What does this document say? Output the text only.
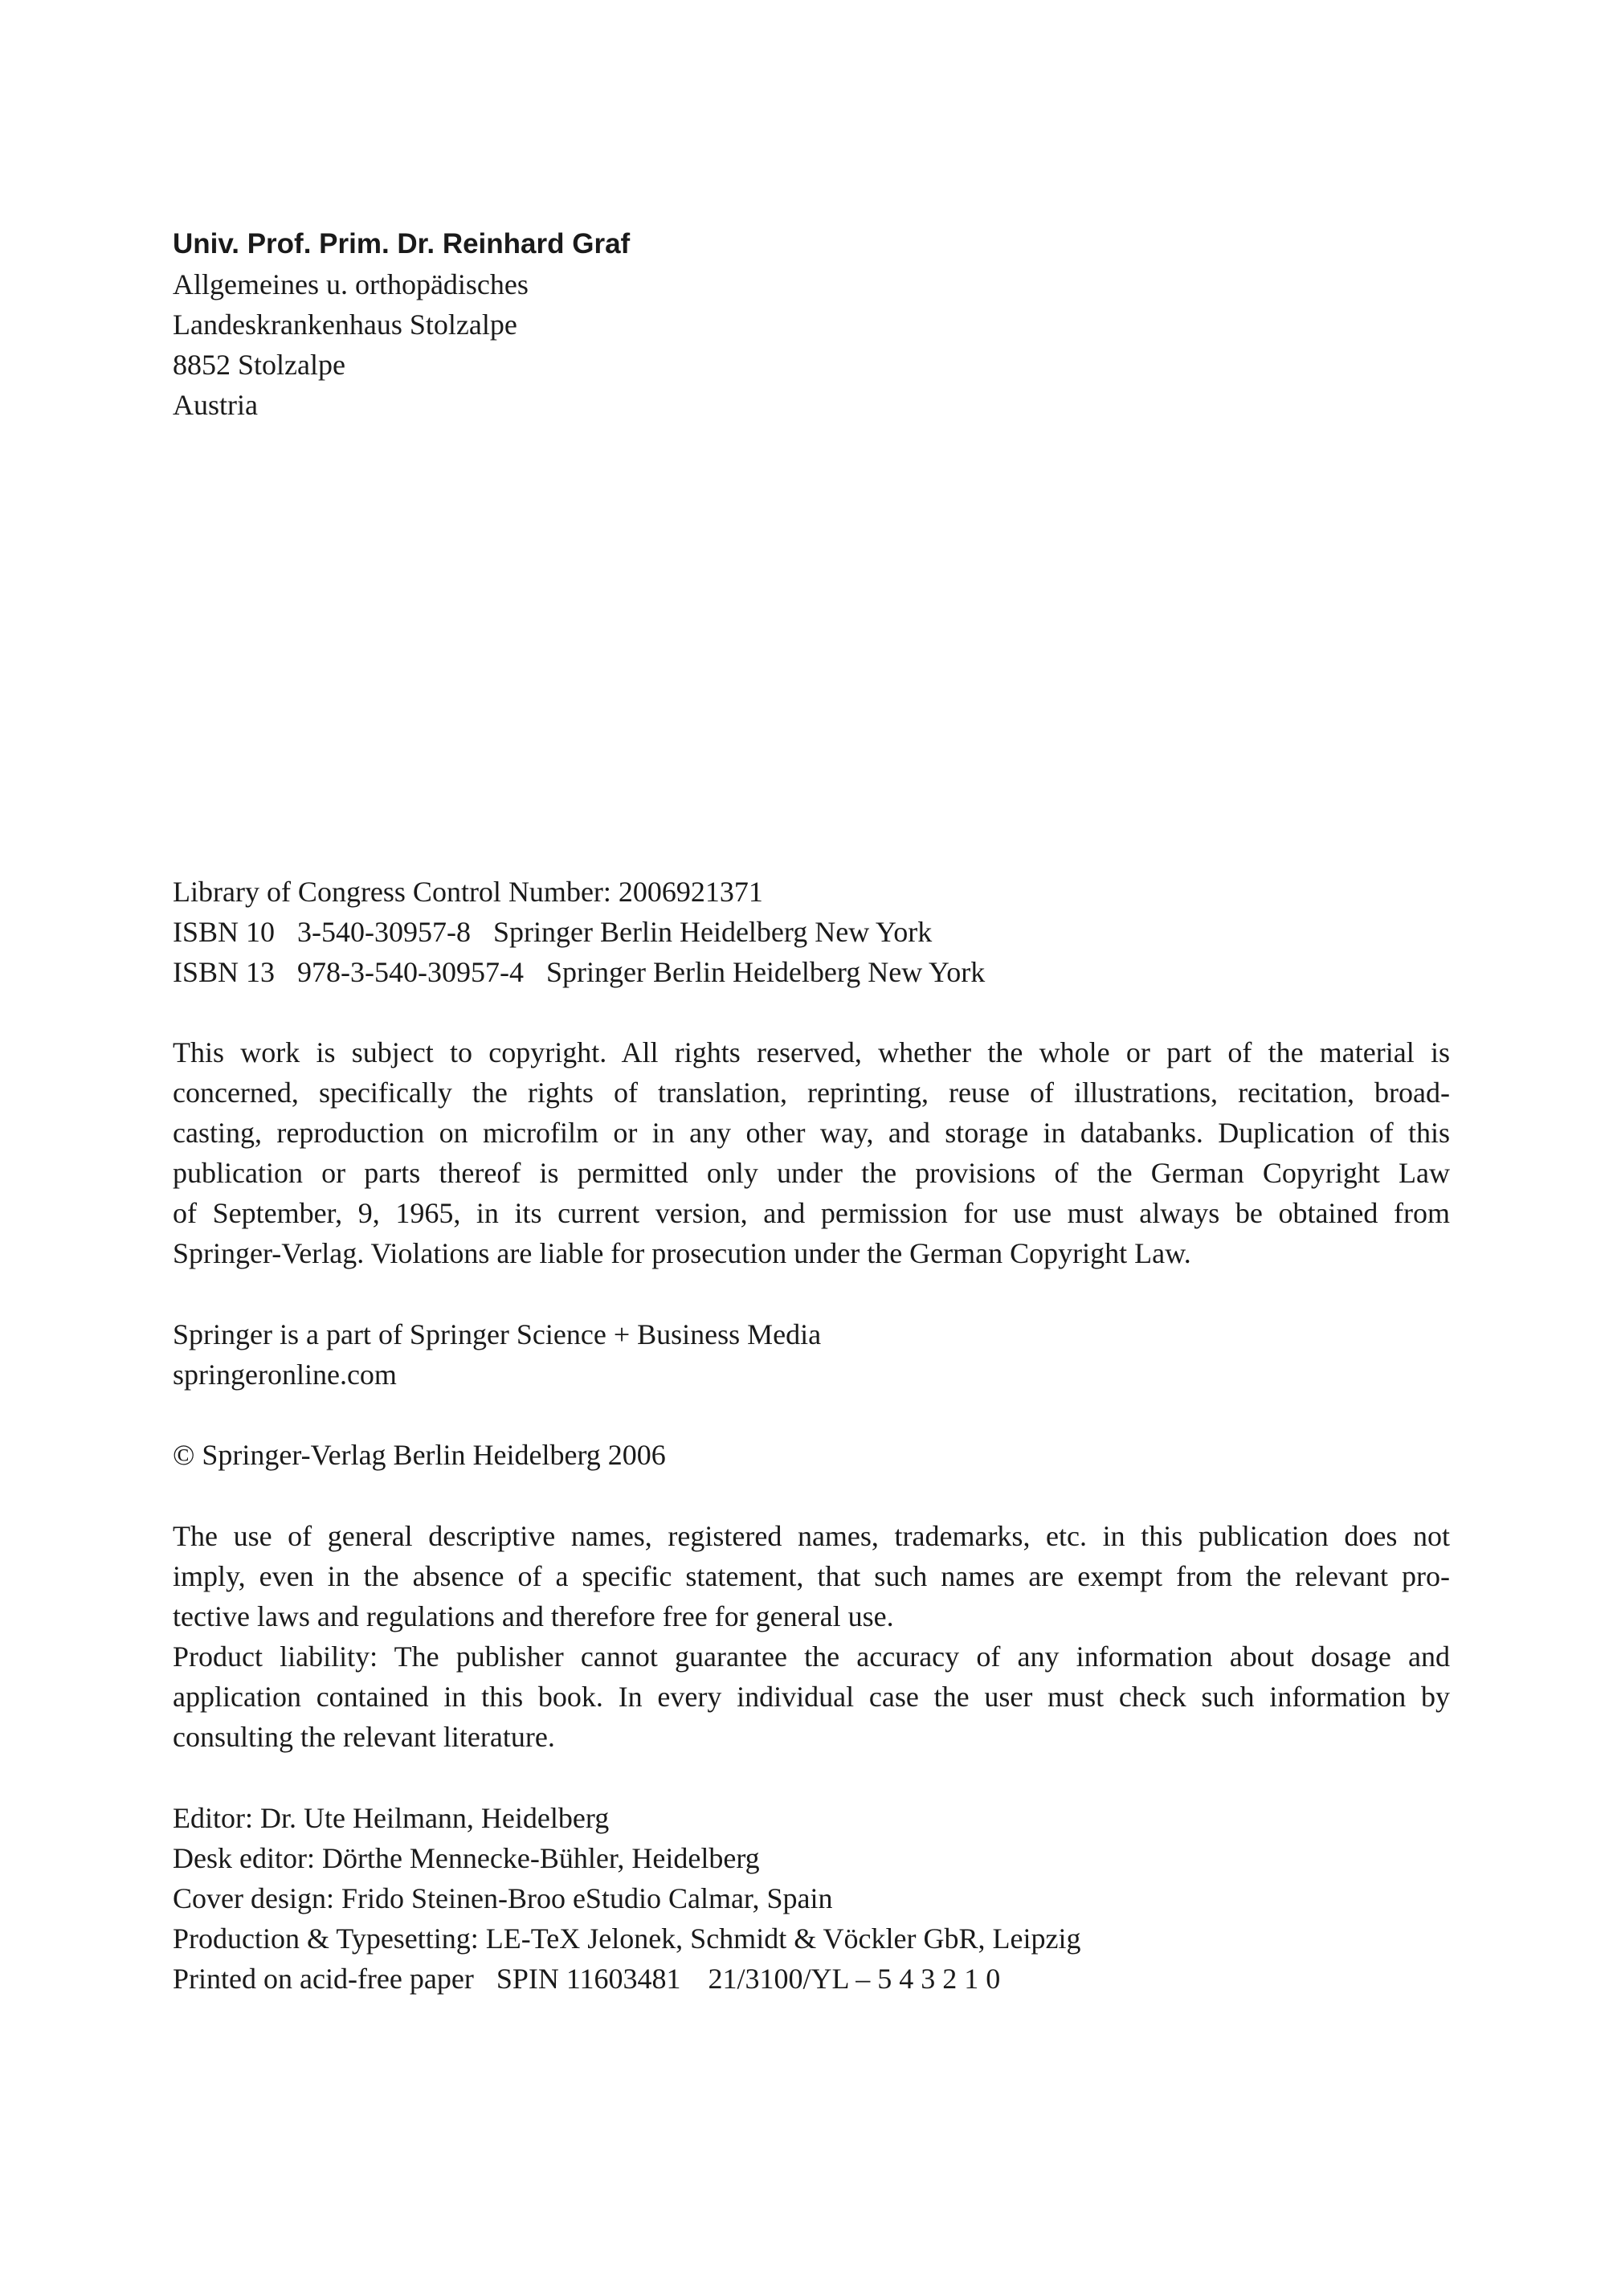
Univ. Prof. Prim. Dr. Reinhard Graf
Allgemeines u. orthopädisches
Landeskrankenhaus Stolzalpe
8852 Stolzalpe
Austria
Library of Congress Control Number: 2006921371
ISBN 10 3-540-30957-8 Springer Berlin Heidelberg New York
ISBN 13 978-3-540-30957-4 Springer Berlin Heidelberg New York
This work is subject to copyright. All rights reserved, whether the whole or part of the material is
concerned, specifically the rights of translation, reprinting, reuse of illustrations, recitation, broad-
casting, reproduction on microfilm or in any other way, and storage in databanks. Duplication of this
publication or parts thereof is permitted only under the provisions of the German Copyright Law
of September, 9, 1965, in its current version, and permission for use must always be obtained from
Springer-Verlag. Violations are liable for prosecution under the German Copyright Law.
Springer is a part of Springer Science + Business Media
springeronline.com
© Springer-Verlag Berlin Heidelberg 2006
The use of general descriptive names, registered names, trademarks, etc. in this publication does not
imply, even in the absence of a specific statement, that such names are exempt from the relevant pro-
tective laws and regulations and therefore free for general use.
Product liability: The publisher cannot guarantee the accuracy of any information about dosage and
application contained in this book. In every individual case the user must check such information by
consulting the relevant literature.
Editor: Dr. Ute Heilmann, Heidelberg
Desk editor: Dörthe Mennecke-Bühler, Heidelberg
Cover design: Frido Steinen-Broo eStudio Calmar, Spain
Production & Typesetting: LE-TeX Jelonek, Schmidt & Vöckler GbR, Leipzig
Printed on acid-free paper SPIN 11603481 21/3100/YL – 5 4 3 2 1 0
